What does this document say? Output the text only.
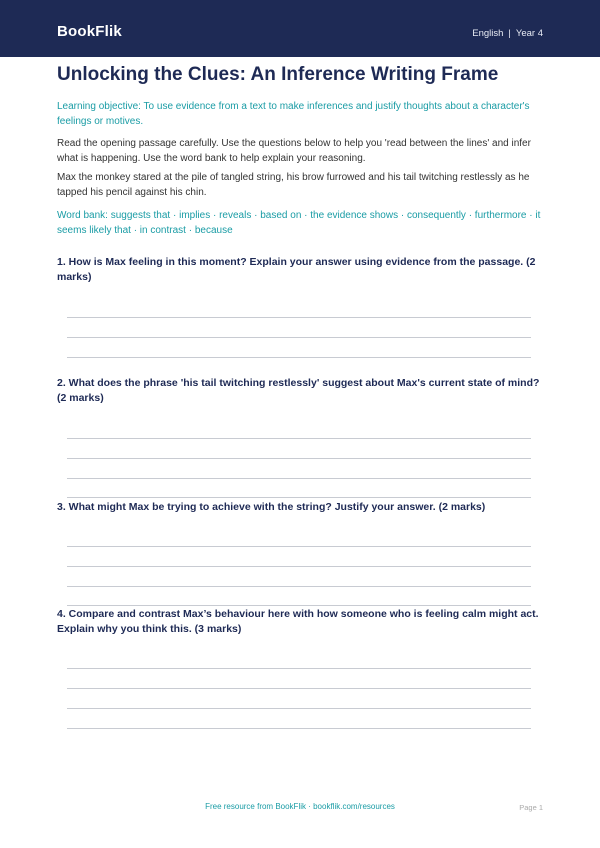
BookFlik	English | Year 4
Unlocking the Clues: An Inference Writing Frame
Learning objective: To use evidence from a text to make inferences and justify thoughts about a character's feelings or motives.
Read the opening passage carefully. Use the questions below to help you 'read between the lines' and infer what is happening. Use the word bank to help explain your reasoning.
Max the monkey stared at the pile of tangled string, his brow furrowed and his tail twitching restlessly as he tapped his pencil against his chin.
Word bank: suggests that · implies · reveals · based on · the evidence shows · consequently · furthermore · it seems likely that · in contrast · because
1. How is Max feeling in this moment? Explain your answer using evidence from the passage. (2 marks)
2. What does the phrase 'his tail twitching restlessly' suggest about Max's current state of mind? (2 marks)
3. What might Max be trying to achieve with the string? Justify your answer. (2 marks)
4. Compare and contrast Max’s behaviour here with how someone who is feeling calm might act. Explain why you think this. (3 marks)
Free resource from BookFlik · bookflik.com/resources	Page 1
